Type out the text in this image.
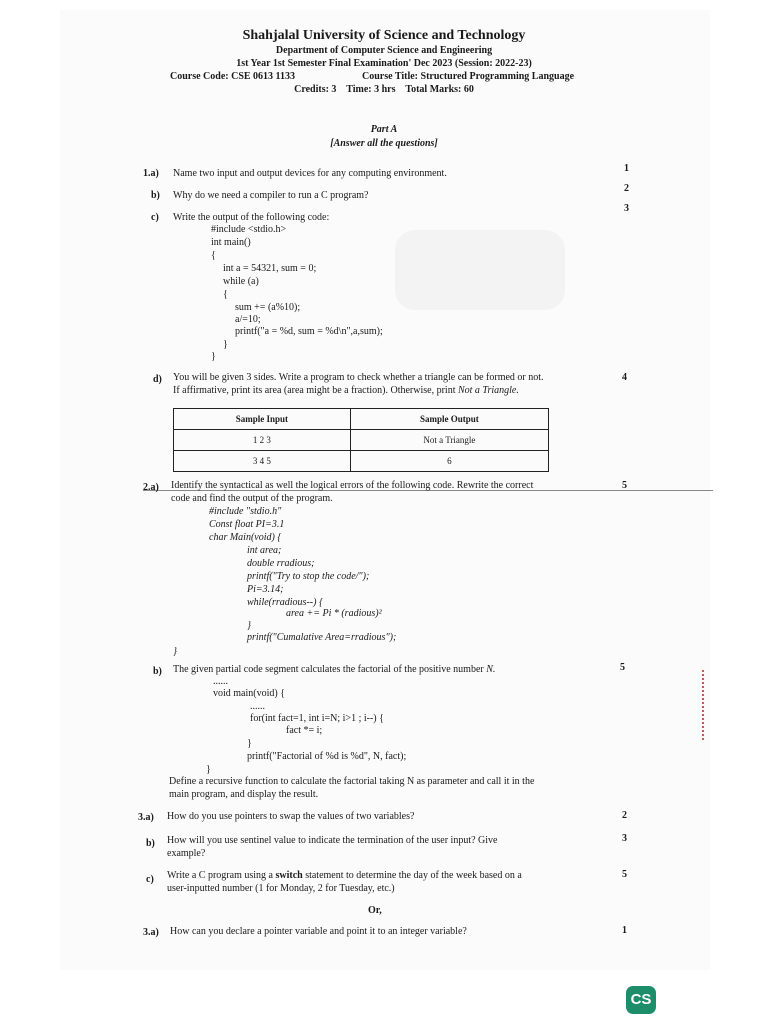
Shahjalal University of Science and Technology
Department of Computer Science and Engineering
1st Year 1st Semester Final Examination' Dec 2023 (Session: 2022-23)
Course Code: CSE 0613 1133	Course Title: Structured Programming Language
Credits: 3    Time: 3 hrs    Total Marks: 60
Part A
[Answer all the questions]
1.a) Name two input and output devices for any computing environment.	1
b) Why do we need a compiler to run a C program?
2
c) Write the output of the following code:
3
#include <stdio.h>
int main()
{
int a = 54321, sum = 0;
while (a)
{
sum += (a%10);
a/=10;
printf("a = %d, sum = %d\n",a,sum);
}
}
d) You will be given 3 sides. Write a program to check whether a triangle can be formed or not.
If affirmative, print its area (area might be a fraction). Otherwise, print Not a Triangle.
4
Sample Input	Sample Output
1 2 3	Not a Triangle
3 4 5	6
2.a) Identify the syntactical as well the logical errors of the following code. Rewrite the correct
code and find the output of the program.
5
#include "stdio.h"
Const float PI=3.1
char Main(void) {
int area;
double rradious;
printf("Try to stop the code/");
Pi=3.14;
while(rradious--) {
area += Pi * (radious)²
}
printf("Cumalative Area=rradious");
}
b) The given partial code segment calculates the factorial of the positive number N.	5
......
void main(void) {
......
for(int fact=1, int i=N; i>1 ; i--) {
fact *= i;
}
printf("Factorial of %d is %d", N, fact);
}
Define a recursive function to calculate the factorial taking N as parameter and call it in the
main program, and display the result.
3.a) How do you use pointers to swap the values of two variables?	2
b) How will you use sentinel value to indicate the termination of the user input? Give
example?
3
c) Write a C program using a switch statement to determine the day of the week based on a
user-inputted number (1 for Monday, 2 for Tuesday, etc.)
5
Or,
3.a) How can you declare a pointer variable and point it to an integer variable?	1
CS
